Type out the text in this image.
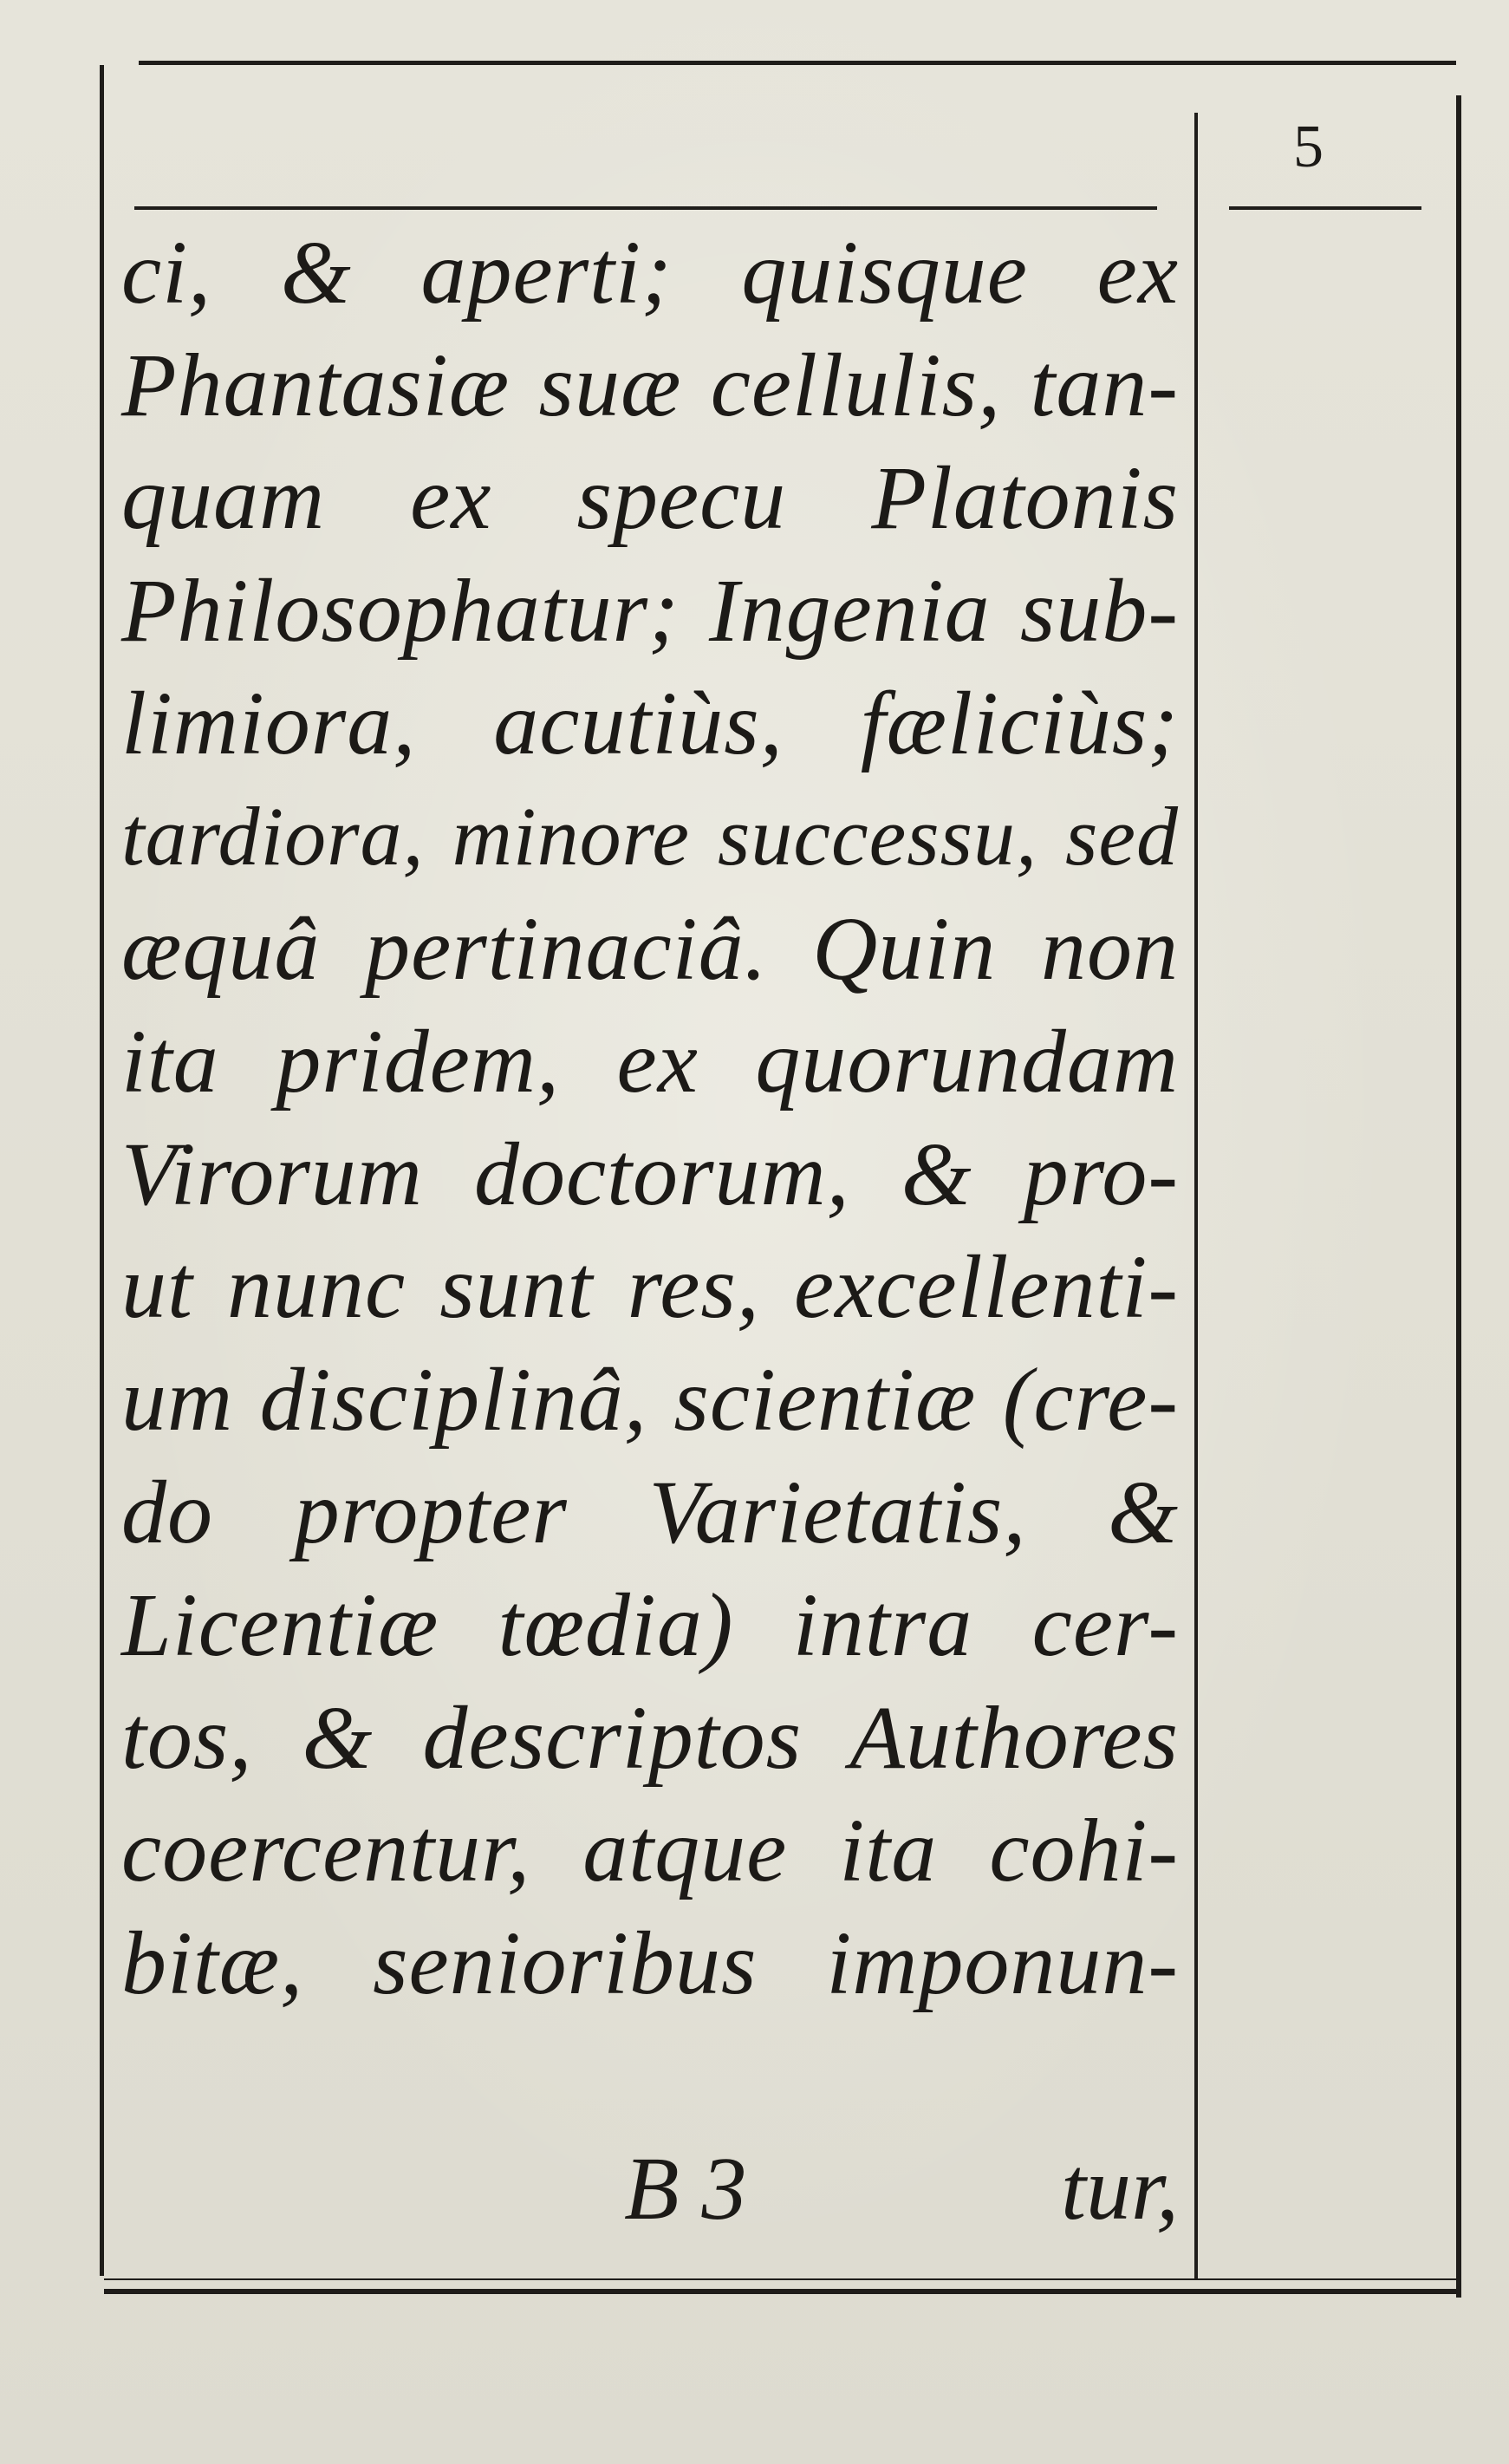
5
ci, & aperti; quisque ex
Phantasiæ suæ cellulis, tan-
quam ex specu Platonis
Philosophatur; Ingenia sub-
limiora, acutiùs, fæliciùs;
tardiora, minore successu, sed
æquâ pertinaciâ. Quin non
ita pridem, ex quorundam
Virorum doctorum, & pro-
ut nunc sunt res, excellenti-
um disciplinâ, scientiæ (cre-
do propter Varietatis, &
Licentiæ tœdia) intra cer-
tos, & descriptos Authores
coercentur, atque ita cohi-
bitæ, senioribus imponun-
B 3	tur,
